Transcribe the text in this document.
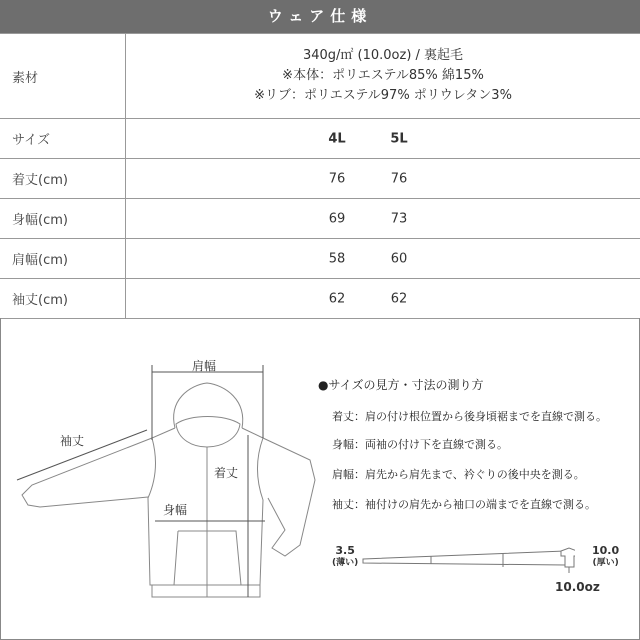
ウェア仕様
素材	340g/㎡ (10.0oz) / 裏起毛
※本体：ポリエステル85% 綿15%
※リブ：ポリエステル97% ポリウレタン3%

サイズ	4L 5L

着丈(cm)	76 76

身幅(cm)	69 73

肩幅(cm)	58 60

袖丈(cm)	62 62
肩幅
袖丈
着丈
身幅
●サイズの見方・寸法の測り方
着丈：肩の付け根位置から後身頃裾までを直線で測る。
身幅：両袖の付け下を直線で測る。
肩幅：肩先から肩先まで、衿ぐりの後中央を測る。
袖丈：袖付けの肩先から袖口の端までを直線で測る。
3.5
(薄い)
10.0
(厚い)
10.0oz
